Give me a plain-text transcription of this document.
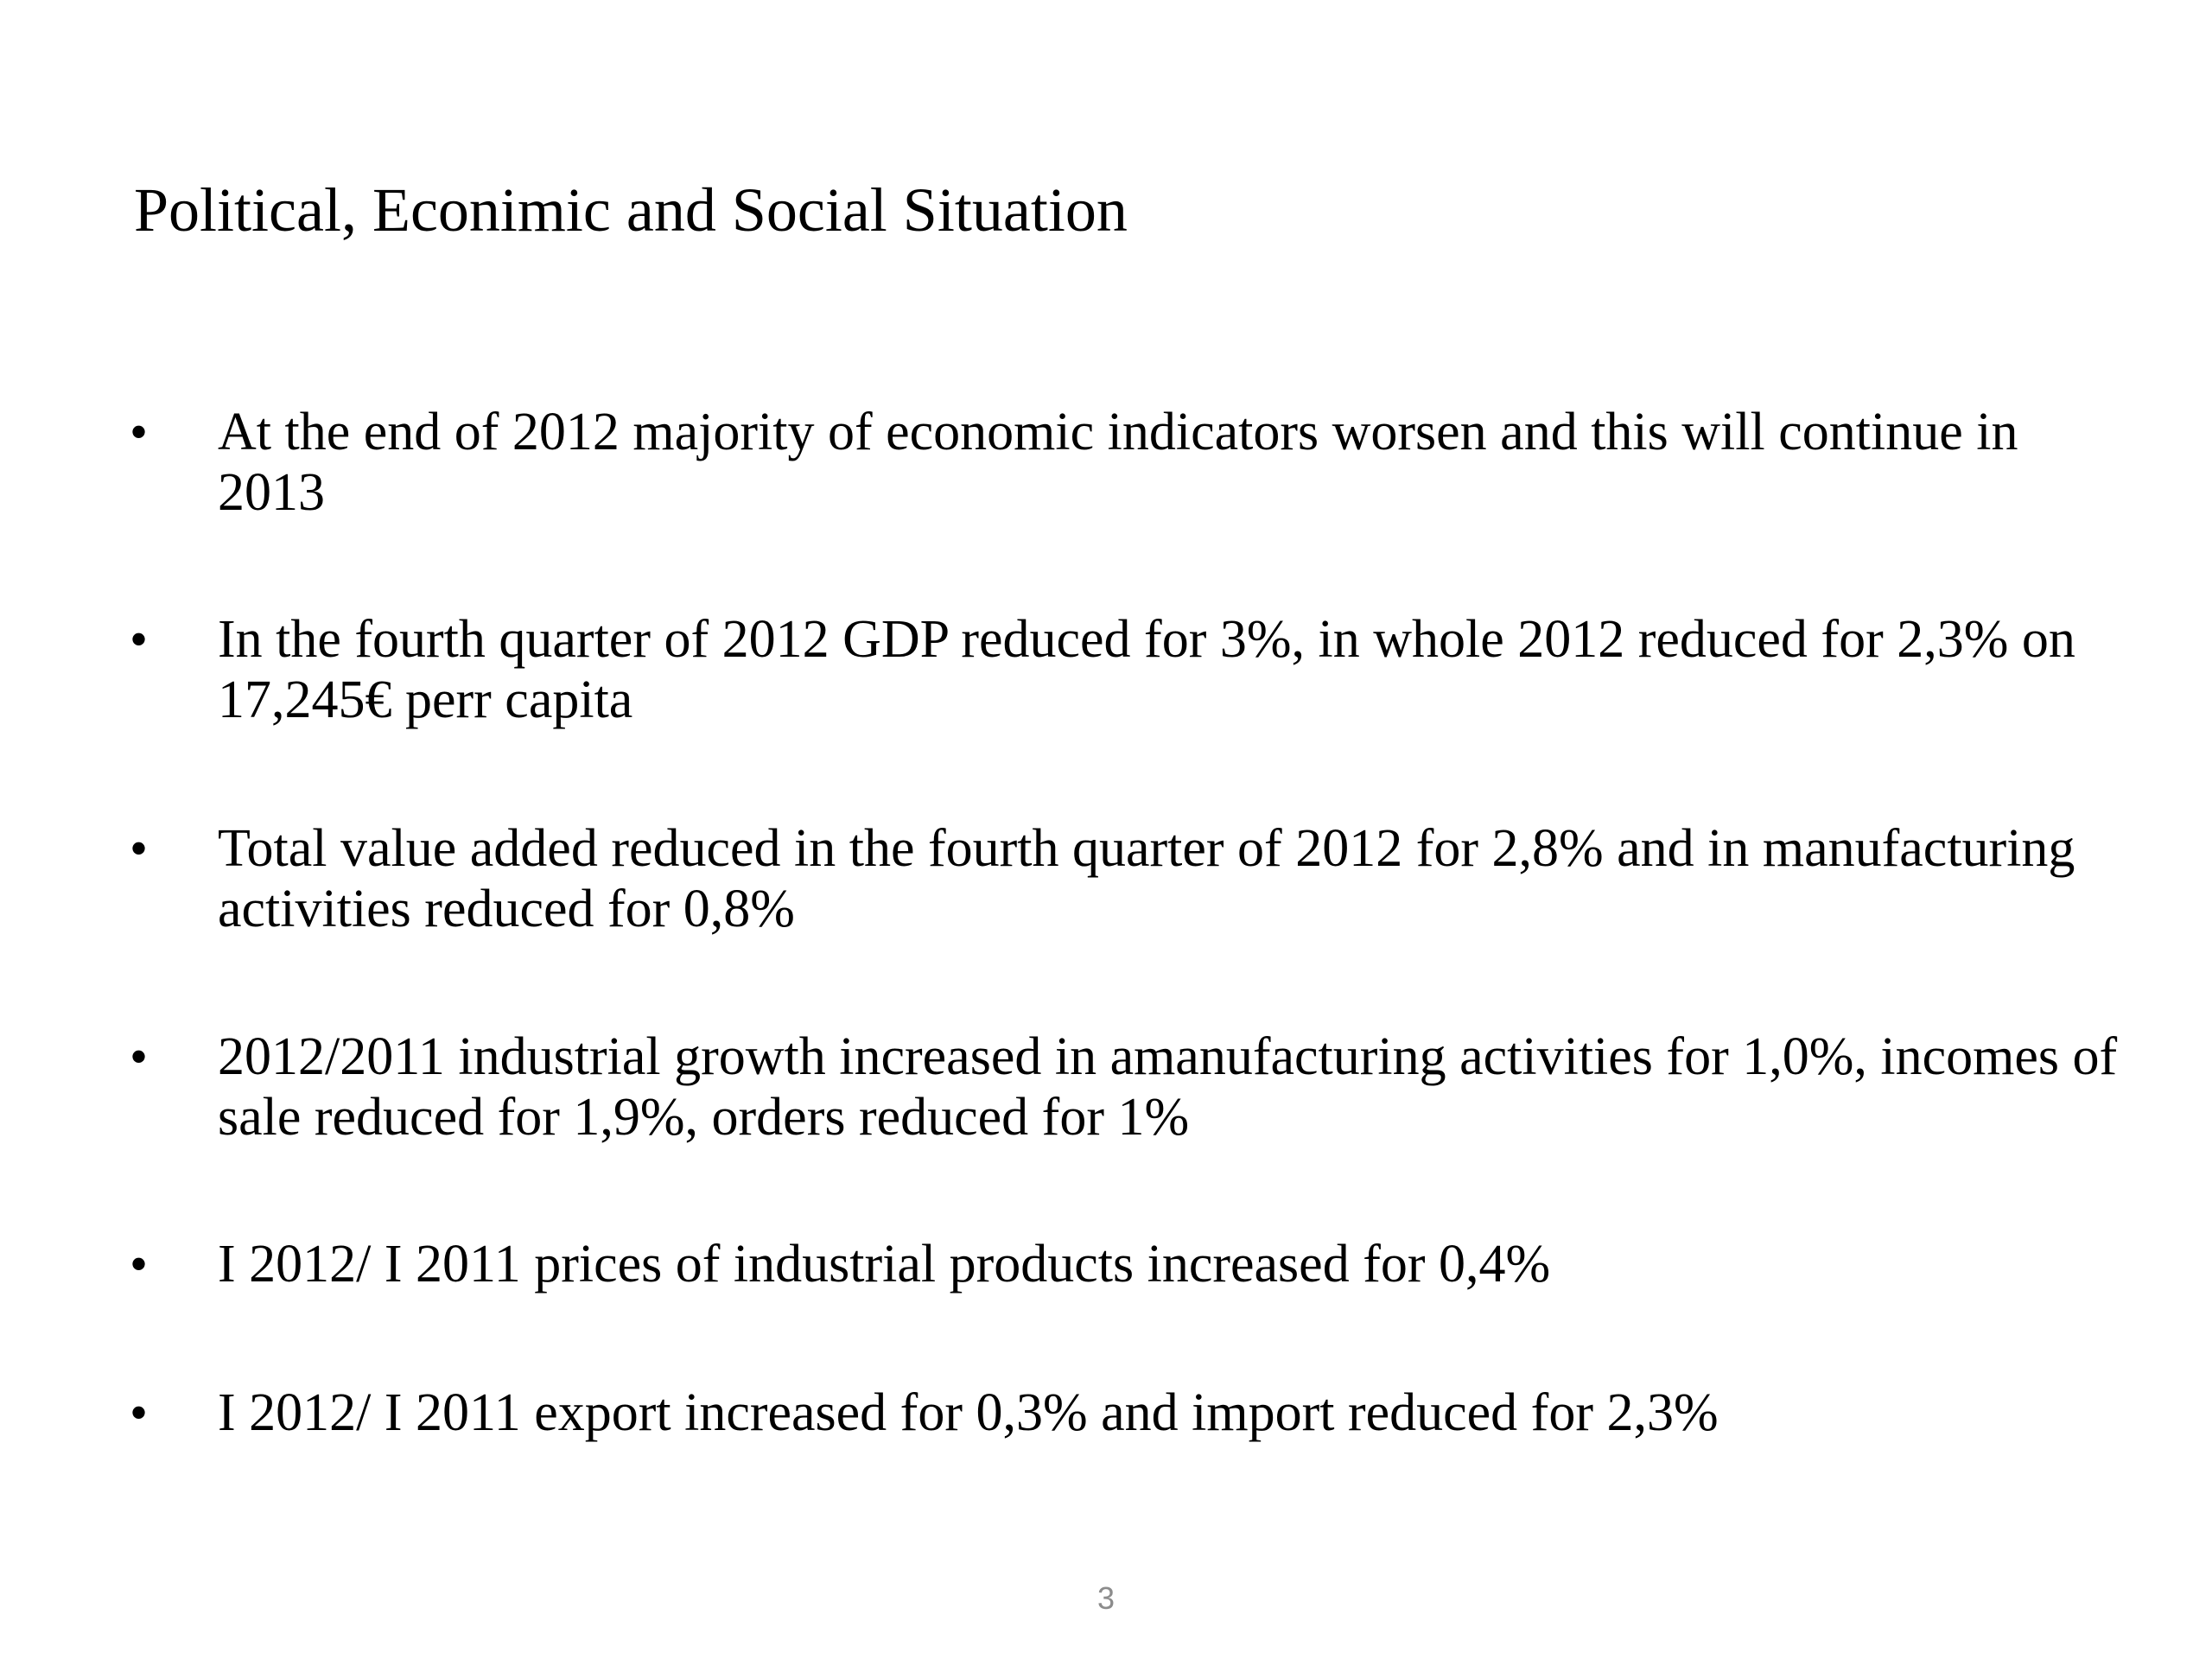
Political, Econimic and Social Situation
• At the end of 2012 majority of economic indicators worsen and this will continue in 2013
• In the fourth quarter of 2012 GDP reduced for 3%, in whole 2012 reduced for 2,3% on 17,245€ perr capita
• Total value added reduced in the fourth quarter of 2012 for 2,8% and in manufacturing activities reduced for 0,8%
• 2012/2011 industrial growth increased in amanufacturing activities for 1,0%, incomes of sale reduced for 1,9%, orders reduced for 1%
• I 2012/ I 2011 prices of industrial products increased for 0,4%
• I 2012/ I 2011 export increased for 0,3% and import reduced for 2,3%
3
